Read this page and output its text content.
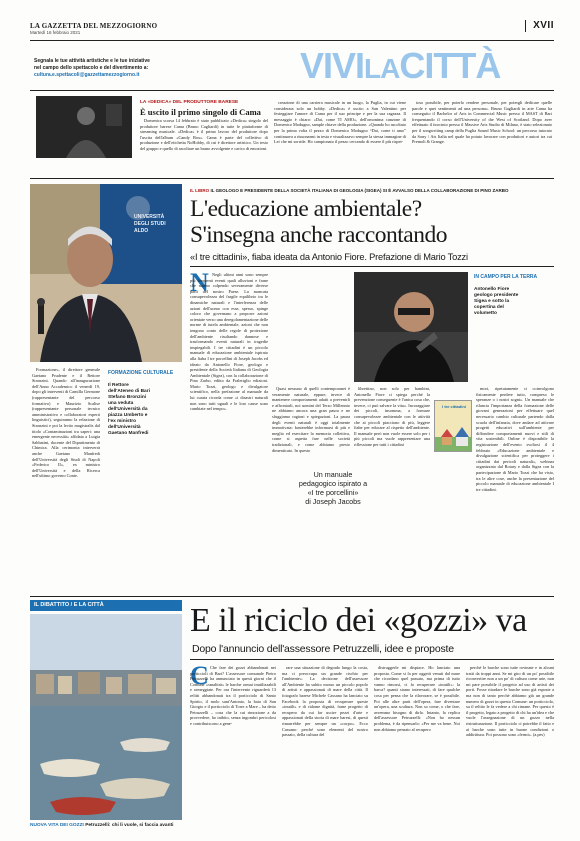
LA GAZZETTA DEL MEZZOGIORNO
Martedì 16 febbraio 2021
XVII
Segnala le tue attività artistiche e le tue iniziative
nel campo dello spettacolo e del divertimento a:
cultura.e.spettacoli@gazzettamezzogiorno.it	VIVILACITTÀ
LA «DEDICA» DEL PRODUTTORE BARESE
È uscito il primo singolo di Cama

Domenica scorsa 14 febbraio è stato pubblicato «Dedica» singolo del produttore barese Cama (Bruno Cagliardi) in tutte le piattaforme di streaming musicale. «Dedica» è il primo lavoro del produttore dopo l'uscita dell'album «Candy Box». Cama è parte del collettivo di produzione e dell'etichetta NoHobby, di cui è direttore artistico. Un testo del gruppo e quello di ascoltare un brano avvolgente e carico di emozioni.

creazione di una carriera musicale in un luogo, la Puglia, in cui viene considerata solo un hobby. «Dedica» è uscito a San Valentino per festeggiare l'amore di Cama per il suo principe e per la sua ragazza. Il messaggio è chiaro: «Dai, come TI AMO», dell'omonima canzone di Domenico Modugno, sample chiave della produzione. «Quando ho ascoltato per la prima volta il pezzo di Domenico Modugno “Dai, come ti amo” continuava a risuonarmi in testa e visualizzavo sempre la stessa immagine di Lei che mi sorride. Ho campionato il pezzo cercando di essere il più rispet-

toso possibile, per poterlo rendere personale, per potergli dedicare quelle parole e quei sentimenti ad una persona». Bruno Gagliardi in arte Cama ha conseguito il Bachelor of Arts in Commercial Music presso il MAST di Bari frequentando il corso dell'University of the West of Scotland. Dopo aver effettuato il tirocinio presso il Massive Arts Studio di Milano, è stato selezionato per il songwriting camp della Puglia Sound Music School: un percorso tutorato da Sony / Ats Italia nel quale ha potuto lavorare con produttori e autori tra cui Premoli & Grange.

UNIVERSITÀ
DEGLI STUDI
ALDO
IL LIBRO IL GEOLOGO E PRESIDENTE DELLA SOCIETÀ ITALIANA DI GEOLOGIA (SIGEA) SI È AVVALSO DELLA COLLABORAZIONE DI PINO ZARBO
L'educazione ambientale?
S'insegna anche raccontando
«I tre cittadini», fiaba ideata da Antonio Fiore. Prefazione di Mario Tozzi
N Negli ultimi anni sono sempre più frequenti eventi quali alluvioni e frane che stanno colpendo severamente diverse parti del nostro Paese. La mancata consapevolezza del fragile equilibrio tra le dinamiche naturali e l'interferenza delle azioni dell'uomo con esse, spesso, spinge coloro che governano a proporre azioni orientate verso una deregolamentazione delle norme di tutela ambientale, azioni che non tengono conto delle regole di protezione dell'ambiente risultando dannose e trasformando eventi naturali in tragedie inspiegabili. I tre cittadini è un piccolo manuale di educazione ambientale ispirato alla fiaba I tre porcellini di Joseph Jacobs ed ideato da Antonello Fiore, geologo e presidente della Società Italiana di Geologia Ambientale (Sigea), con la collaborazione di Pino Zarbo, editto da Fraleriglio edizioni. Mario Tozzi, geologo e divulgatore scientifico, nella prefazione al manuale da lui curata ricorda come «i disastri naturali non sono tutti uguali e le loro cause sono cambiate nel tempo».

Quasi nessuno di quelli contemporanei è veramente naturale, eppure, invece di mantenere comportamenti adatti a prevenirli e affrontarli, noi uomini del Terzo Millennio ne abbiamo ancora una gran paura e ne sfuggiamo ragioni e spiegazioni. La paura degli eventi naturali è oggi totalmente immotivata: basterebbe informarsi di più e meglio ed esercitare la memoria collettiva, come si aspetta fare nelle società tradizionali, e come abbiamo presto dimenticato. In questo

librettino, non solo per bambini, Antonello Fiore ci spiega perché la prevenzione conseguente è l'unica cosa che, invece, ci può salvare la vita». Incoraggiare dei piccoli, insomma, a formare consapevolezze ambientale con le attività che ai piccoli piacciono di più, leggere fiabe per educare al rispetto dell'ambiente. Il manuale però non vuole essere solo per i più piccoli ma vuole rappresentare una riflessione per tutti i cittadini

mori, ripetutamente ci coinvolgono fisicamente perdere tutto, compreso le speranze o i nostri sogni». Un manuale che rilancia l'importanza della formazione delle giovani generazioni per effettuare quel necessario cambio culturale partendo dalla scuola dell'infanzia, dove andare ad attivare progetti educativi sull'ambiente per diffondere comportamenti nuovi e stili di vita sostenibili. Online è disponibile la registrazione dell'evento svoltosi il 4 febbraio «Educazione ambientale e divulgazione scientifica per proteggere i cittadini dai pericoli naturali», webinar organizzato dal Rotary e dalla Sigea con la partecipazione di Mario Tozzi che ha visto, tra le altre cose, anche la presentazione del piccolo manuale di educazione ambientale I tre cittadini.

Un manuale
pedagogico ispirato a
«I tre porcellini»
di Joseph Jacobs
IN CAMPO PER LA TERRA
Antonello Fiore geologo presidente Sigea e sotto la copertina del volumetto
I tre cittadini

Formazione», il direttore generale Gaetano Prudente e il Rettore Stronzini. Quando all'inaugurazione dell'Anno Accademico il venerdì 19, dopo gli interventi di Camilla Germone (rappresentante del percorso formativo) e Maurizio Scalise (rappresentante personale tecnico amministrativo e collaboratori esperti linguistici), seguiranno la relazione di Stronzini e poi la lectio magistralis dal titolo «Contaminazioni tra saperi: una emergente necessità» affidata a Luigia Sabbatini, docente del Dipartimento di Chimica. Alla cerimonia interverrà anche Gaetano Manfredi dell'Università degli Studi di Napoli «Federico II», ex ministro dell'Università e della Ricerca nell'ultimo governo Conte.

FORMAZIONE CULTURALE
Il Rettore dell'Ateneo di Bari Stefano Bronzini una veduta dell'Università da piazza Umberto e l'ex ministro dell'Università Gaetano Manfredi
IL DIBATTITO / E LA CITTÀ
NUOVA VITA DEI GOZZI Petruzzelli: chi li vuole, si faccia avanti
E il riciclo dei «gozzi» va
Dopo l'annuncio dell'assessore Petruzzelli, idee e proposte
C Che fare dei gozzi abbandonati nei porticcioli di Bari? L'assessore comunale Pietro Petruzzelli ha annunciato in questi giorni che il Comune «smaltirà» le barche ormai inutilizzabili e ormeggiate. Per ora l'intervento riguarderà 13 relitti abbandonati tra il porticciolo di Santo Spirito, il molo sant'Antonio, la baia di San Giorgio e il porticciolo di Torre a Mare – ha detto Petruzzelli – cosa che la cui rimozione a da provvedere, ho inibito, senza ingombri pericolosi e contribuiscono a gene-

rare una situazione di degrado lungo la costa, ma ci preoccupa un grande rischio per l'ambiente». La decisione dell'assessore all'Ambiente ha subito mosso un piccolo popolo di artisti e appassionati di mare della città. Il fotografo barese Michele Cassano ha lanciato su Facebook la proposta di recuperare queste «inutili» e di ridarne dignità, farne progetto di recupero da cui far uscire pezzi d'arte e appassionati della storia di mare baresi, di questi rimarrebbe per sempre un «corpo». Ecco Cassano: perché sono elementi del nostro passato, della cultura del

distruggerle mi dispiace. Ho lanciato una proposta. Come si fa per oggetti venuti dal mare che ricordano quel passato, ma prima di tutto vanno rimossi, ci fa recuperare «inutili»: la barca? quanti siamo interessati, di fare qualche cosa per pensa che la rilavorare, se è possibile. Poi alle altre parti dell'opera, fare diventare un'opera, una scultura. Non so come, o che fare, avremmo bisogno di dirlo. Intanto, la replica dell'assessore Petruzzelli: «Non ho nessun problema, è da ripensarlo: «Per me va bene. Noi non abbiamo pensato al recupero

perché le barche sono tutte rovinate e in alcuni tratti da troppi anni. Se mi giro di un po' possibile riconvertire non a un po' di cultura come arte, non mi pare possibile il progetto ad uso di artisti dei porti. Fosse ritardare le barche sono già esposte a ma non di tanto perché abbiamo già un grande numero di gozzi in questo Comune: un porticciolo, su il relitto le fa vedere a chi rimane. Per questo è il progetto, legato a progetto di chi ha un'idea e che vuole l'assegnazione di un gozzo nella ristrutturazione. Il porticciolo ci potrebbe il fatto e ai barche sono tutte in buone condizioni o addirittura. Poi possono sono «fermi». (a.pes)
